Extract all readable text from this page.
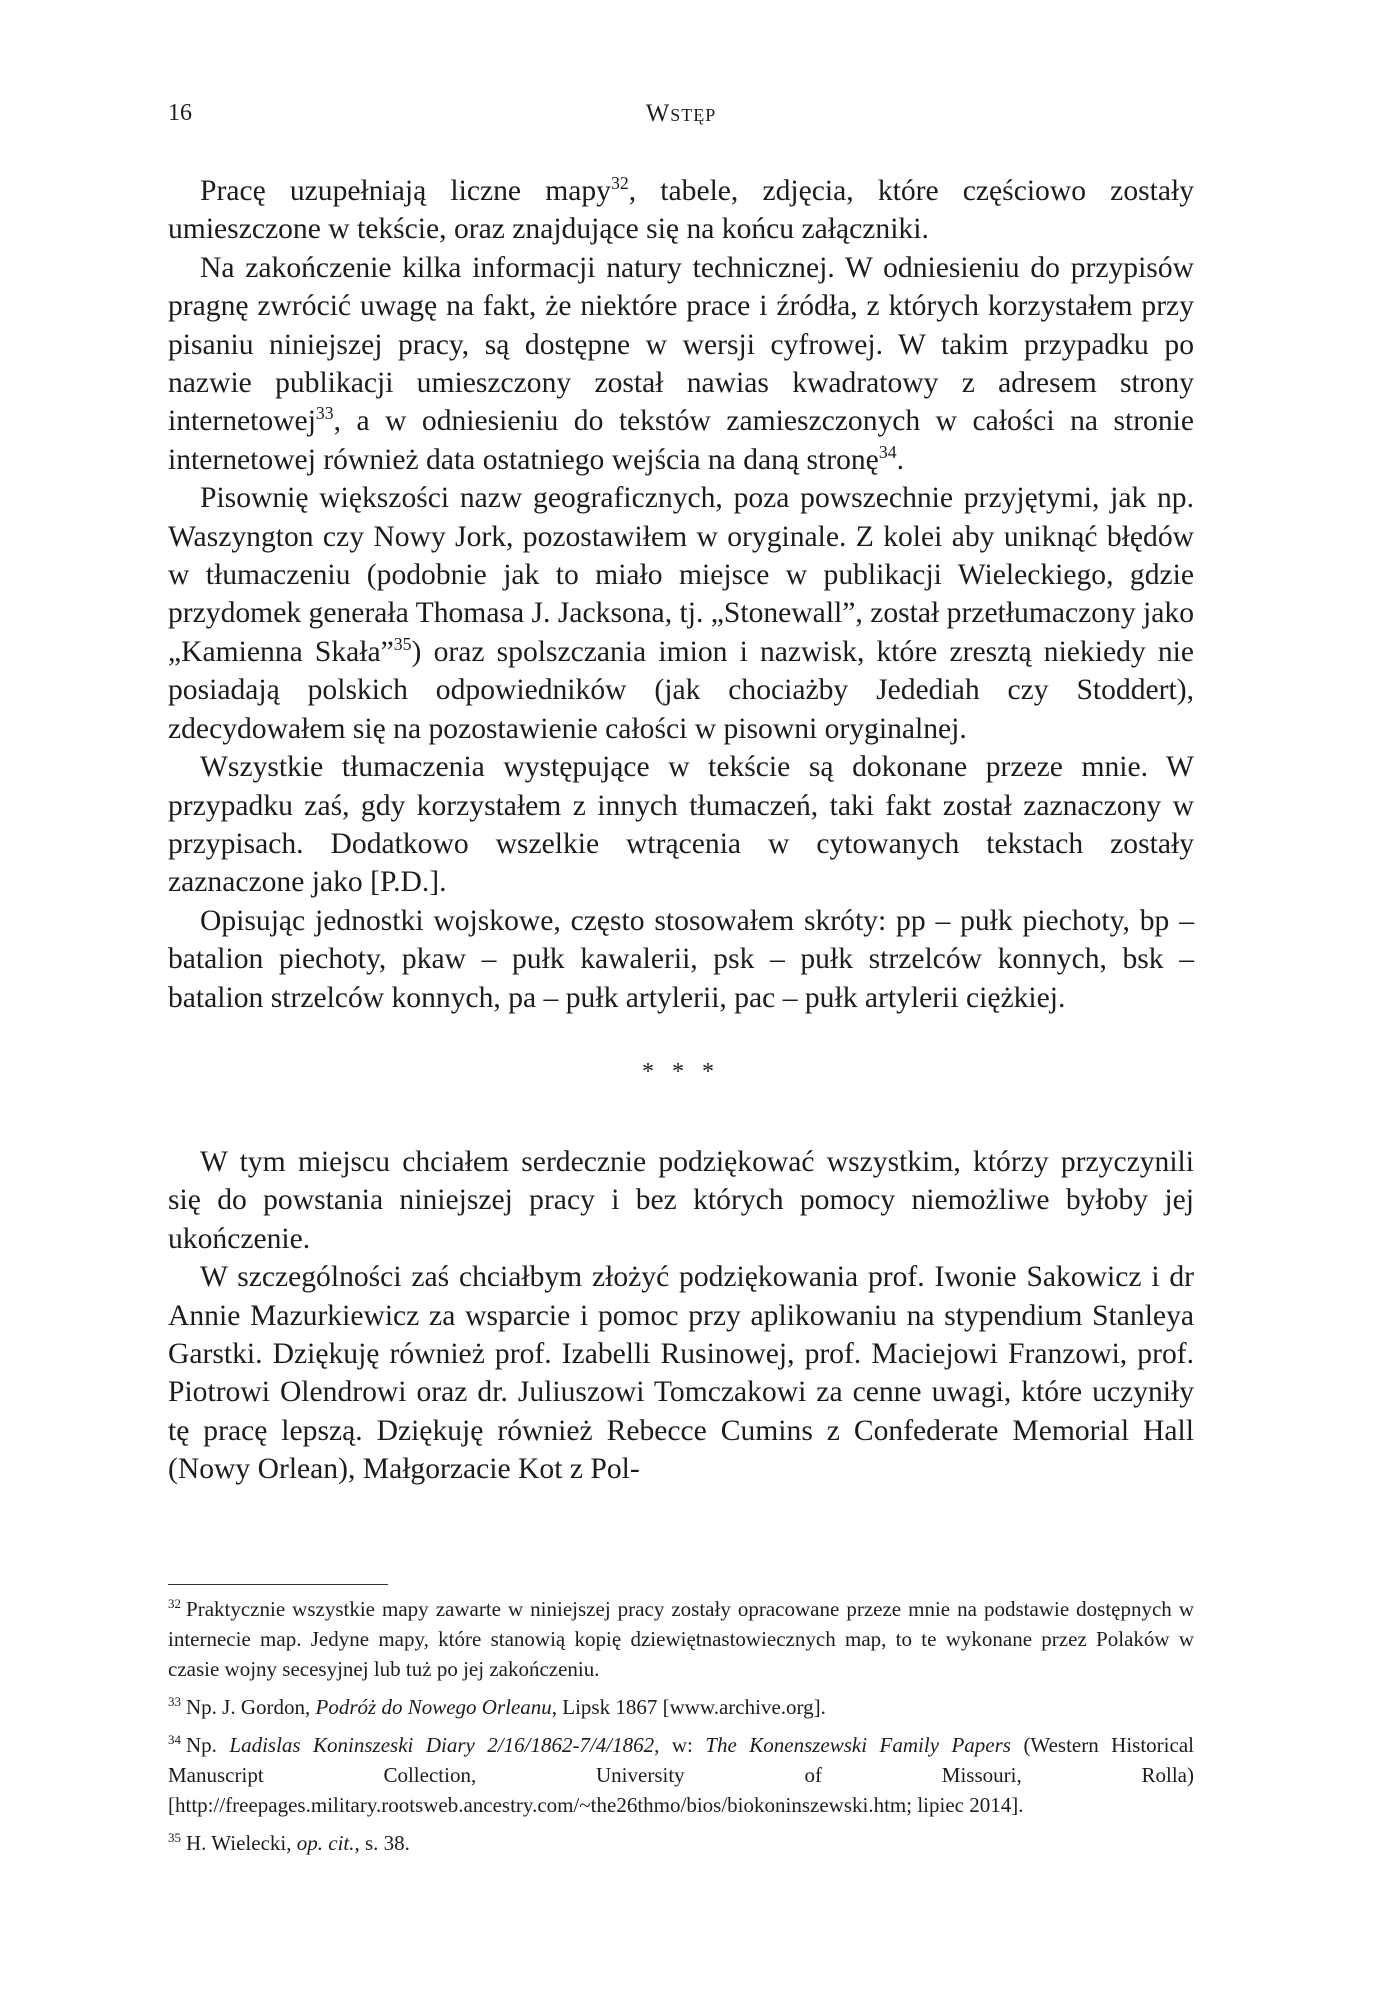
16	Wstęp

Pracę uzupełniają liczne mapy$^{32}$, tabele, zdjęcia, które częściowo zostały umieszczone w tekście, oraz znajdujące się na końcu załączniki.

Na zakończenie kilka informacji natury technicznej. W odniesieniu do przypisów pragnę zwrócić uwagę na fakt, że niektóre prace i źródła, z których korzystałem przy pisaniu niniejszej pracy, są dostępne w wersji cyfrowej. W takim przypadku po nazwie publikacji umieszczony został nawias kwadratowy z adresem strony internetowej$^{33}$, a w odniesieniu do tekstów zamieszczonych w całości na stronie internetowej również data ostatniego wejścia na daną stronę$^{34}$.

Pisownię większości nazw geograficznych, poza powszechnie przyjętymi, jak np. Waszyngton czy Nowy Jork, pozostawiłem w oryginale. Z kolei aby uniknąć błędów w tłumaczeniu (podobnie jak to miało miejsce w publikacji Wieleckiego, gdzie przydomek generała Thomasa J. Jacksona, tj. „Stonewall”, został przetłumaczony jako „Kamienna Skała”$^{35}$) oraz spolszczania imion i nazwisk, które zresztą niekiedy nie posiadają polskich odpowiedników (jak chociażby Jedediah czy Stoddert), zdecydowałem się na pozostawienie całości w pisowni oryginalnej.

Wszystkie tłumaczenia występujące w tekście są dokonane przeze mnie. W przypadku zaś, gdy korzystałem z innych tłumaczeń, taki fakt został zaznaczony w przypisach. Dodatkowo wszelkie wtrącenia w cytowanych tekstach zostały zaznaczone jako [P.D.].

Opisując jednostki wojskowe, często stosowałem skróty: pp – pułk piechoty, bp – batalion piechoty, pkaw – pułk kawalerii, psk – pułk strzelców konnych, bsk – batalion strzelców konnych, pa – pułk artylerii, pac – pułk artylerii ciężkiej.

* * *

W tym miejscu chciałem serdecznie podziękować wszystkim, którzy przyczynili się do powstania niniejszej pracy i bez których pomocy niemożliwe byłoby jej ukończenie.

W szczególności zaś chciałbym złożyć podziękowania prof. Iwonie Sakowicz i dr Annie Mazurkiewicz za wsparcie i pomoc przy aplikowaniu na stypendium Stanleya Garstki. Dziękuję również prof. Izabelli Rusinowej, prof. Maciejowi Franzowi, prof. Piotrowi Olendrowi oraz dr. Juliuszowi Tomczakowi za cenne uwagi, które uczyniły tę pracę lepszą. Dziękuję również Rebecce Cumins z Confederate Memorial Hall (Nowy Orlean), Małgorzacie Kot z Pol-

$^{32}$ Praktycznie wszystkie mapy zawarte w niniejszej pracy zostały opracowane przeze mnie na podstawie dostępnych w internecie map. Jedyne mapy, które stanowią kopię dziewiętnastowiecznych map, to te wykonane przez Polaków w czasie wojny secesyjnej lub tuż po jej zakończeniu.

$^{33}$ Np. J. Gordon, Podróż do Nowego Orleanu, Lipsk 1867 [www.archive.org].

$^{34}$ Np. Ladislas Koninszeski Diary 2/16/1862-7/4/1862, w: The Konenszewski Family Papers (Western Historical Manuscript Collection, University of Missouri, Rolla) [http://freepages.military.rootsweb.ancestry.com/~the26thmo/bios/biokoninszewski.htm; lipiec 2014].

$^{35}$ H. Wielecki, op. cit., s. 38.
